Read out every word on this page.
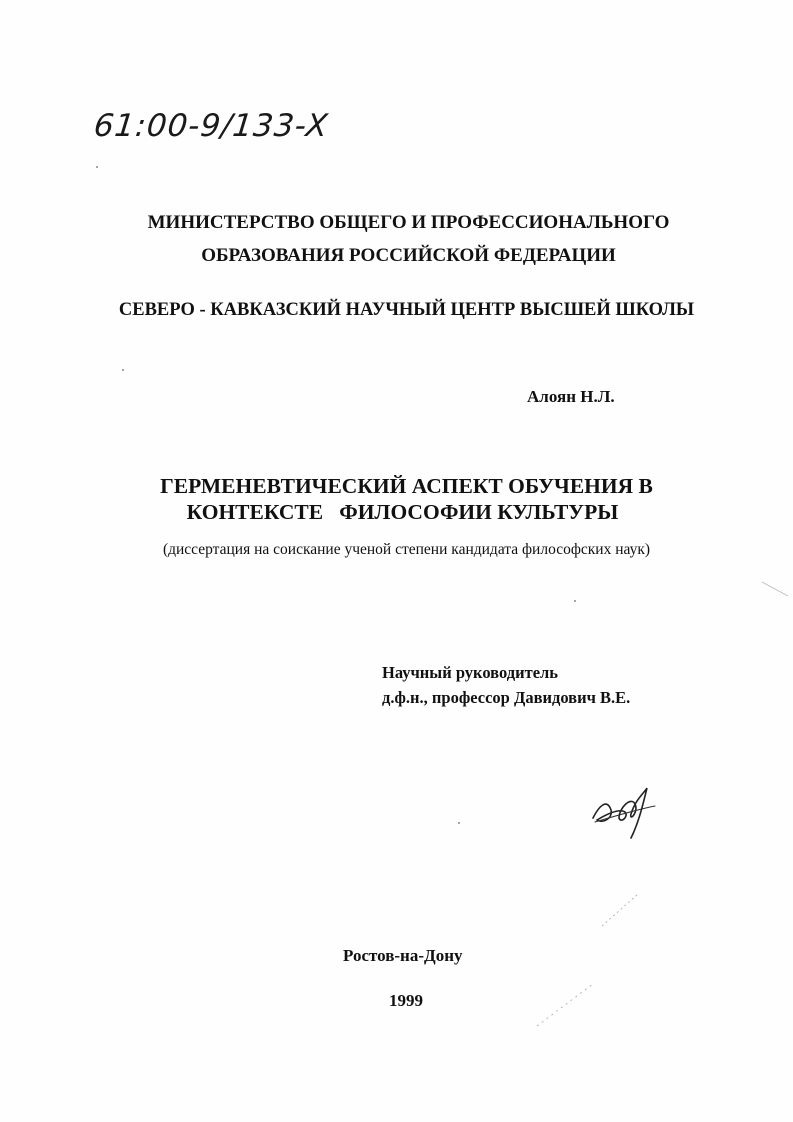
61:00-9/133-X
МИНИСТЕРСТВО ОБЩЕГО И ПРОФЕССИОНАЛЬНОГО
ОБРАЗОВАНИЯ РОССИЙСКОЙ ФЕДЕРАЦИИ
СЕВЕРО - КАВКАЗСКИЙ НАУЧНЫЙ ЦЕНТР ВЫСШЕЙ ШКОЛЫ
Алоян Н.Л.
ГЕРМЕНЕВТИЧЕСКИЙ АСПЕКТ ОБУЧЕНИЯ В
КОНТЕКСТЕ   ФИЛОСОФИИ КУЛЬТУРЫ
(диссертация на соискание ученой степени кандидата философских наук)
Научный руководитель
д.ф.н., профессор Давидович В.Е.
Ростов-на-Дону
1999
